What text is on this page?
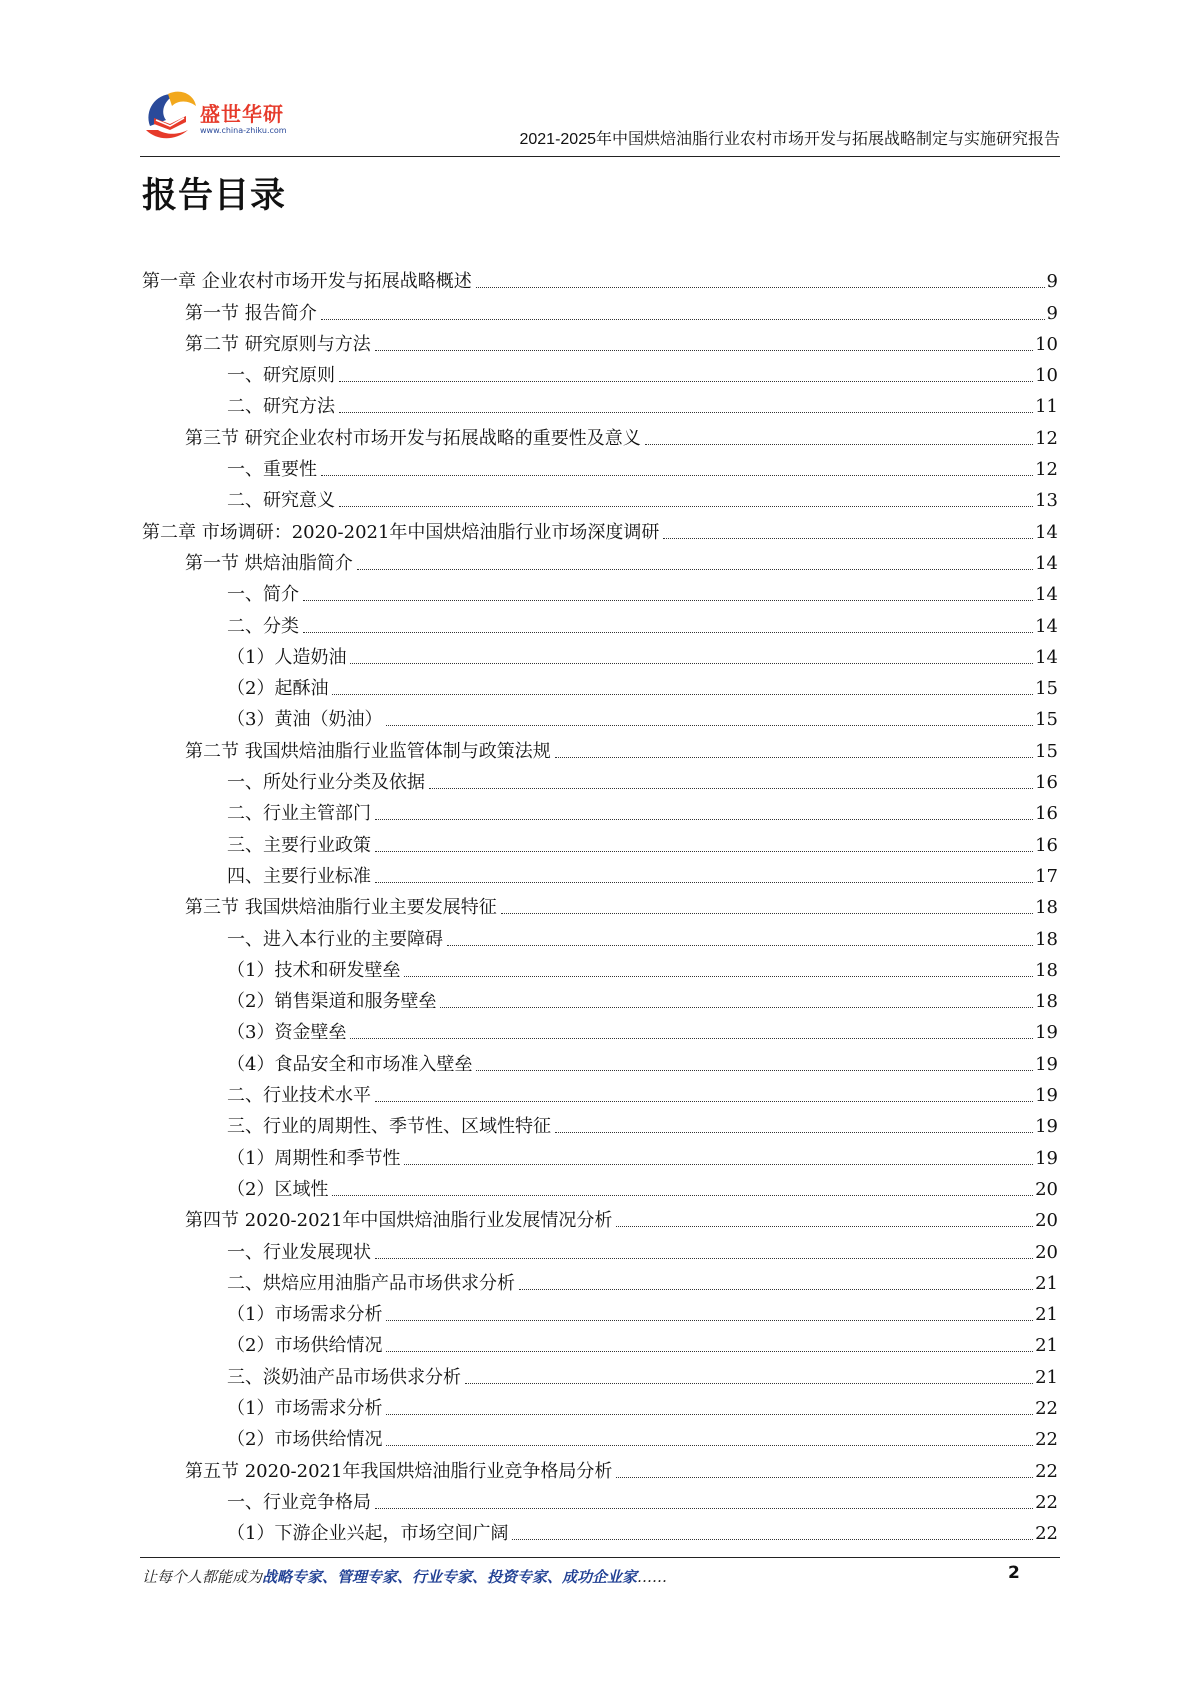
盛世华研
www.china-zhiku.com
2021-2025年中国烘焙油脂行业农村市场开发与拓展战略制定与实施研究报告
报告目录
第一章 企业农村市场开发与拓展战略概述	9
第一节 报告简介	9
第二节 研究原则与方法	10
一、研究原则	10
二、研究方法	11
第三节 研究企业农村市场开发与拓展战略的重要性及意义	12
一、重要性	12
二、研究意义	13
第二章 市场调研：2020-2021年中国烘焙油脂行业市场深度调研	14
第一节 烘焙油脂简介	14
一、简介	14
二、分类	14
（1）人造奶油	14
（2）起酥油	15
（3）黄油（奶油）	15
第二节 我国烘焙油脂行业监管体制与政策法规	15
一、所处行业分类及依据	16
二、行业主管部门	16
三、主要行业政策	16
四、主要行业标准	17
第三节 我国烘焙油脂行业主要发展特征	18
一、进入本行业的主要障碍	18
（1）技术和研发壁垒	18
（2）销售渠道和服务壁垒	18
（3）资金壁垒	19
（4）食品安全和市场准入壁垒	19
二、行业技术水平	19
三、行业的周期性、季节性、区域性特征	19
（1）周期性和季节性	19
（2）区域性	20
第四节 2020-2021年中国烘焙油脂行业发展情况分析	20
一、行业发展现状	20
二、烘焙应用油脂产品市场供求分析	21
（1）市场需求分析	21
（2）市场供给情况	21
三、淡奶油产品市场供求分析	21
（1）市场需求分析	22
（2）市场供给情况	22
第五节 2020-2021年我国烘焙油脂行业竞争格局分析	22
一、行业竞争格局	22
（1）下游企业兴起，市场空间广阔	22
让每个人都能成为战略专家、管理专家、行业专家、投资专家、成功企业家……	2
